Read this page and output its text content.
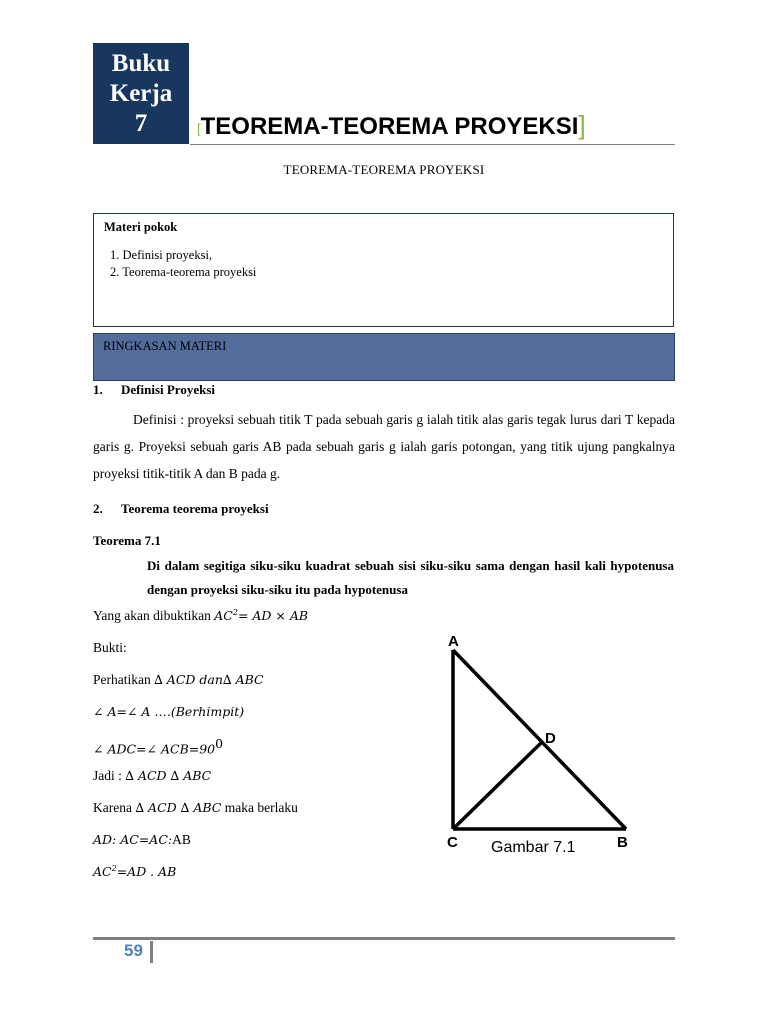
Buku
Kerja
7	[TEOREMA-TEOREMA PROYEKSI]
TEOREMA-TEOREMA PROYEKSI
Materi pokok
1. Definisi proyeksi,
2. Teorema-teorema proyeksi
RINGKASAN MATERI
1. Definisi Proyeksi

Definisi : proyeksi sebuah titik T pada sebuah garis g ialah titik alas garis tegak lurus dari T kepada garis g. Proyeksi sebuah garis AB pada sebuah garis g ialah garis potongan, yang titik ujung pangkalnya proyeksi titik-titik A dan B pada g.

2. Teorema teorema proyeksi
Teorema 7.1
Di dalam segitiga siku-siku kuadrat sebuah sisi siku-siku sama dengan hasil kali hypotenusa dengan proyeksi siku-siku itu pada hypotenusa
Yang akan dibuktikan $AC^2=$ AD × AB
Bukti:
Perhatikan ∆ ACD dan∆ ABC
∠ A=∠ A ….(Berhimpit)
∠ ADC=∠ $ACB=90^0$
Jadi : ∆ ACD ∆ ABC
Karena ∆ ACD ∆ ABC maka berlaku
AD: AC=AC:AB
$AC^2=AD$ . AB
A
D
C	B
Gambar 7.1
59
